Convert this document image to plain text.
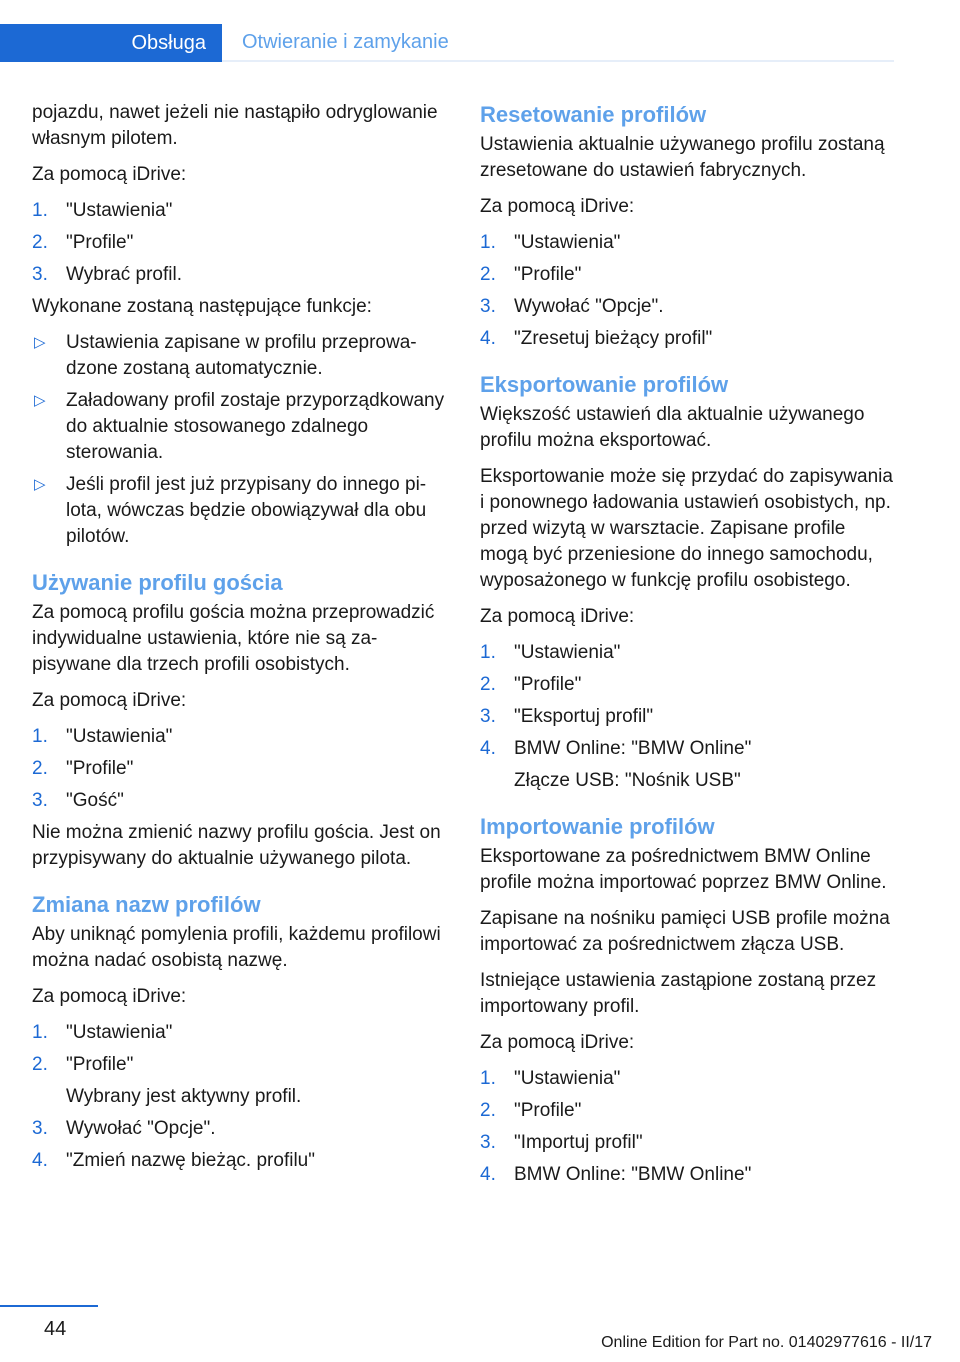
Obsługa	Otwieranie i zamykanie

pojazdu, nawet jeżeli nie nastąpiło odryglowanie własnym pilotem.

Za pomocą iDrive:

1. "Ustawienia"
2. "Profile"
3. Wybrać profil.

Wykonane zostaną następujące funkcje:

▷ Ustawienia zapisane w profilu przeprowadzone zostaną automatycznie.
▷ Załadowany profil zostaje przyporządkowany do aktualnie stosowanego zdalnego sterowania.
▷ Jeśli profil jest już przypisany do innego pilota, wówczas będzie obowiązywał dla obu pilotów.
Używanie profilu gościa

Za pomocą profilu gościa można przeprowadzić indywidualne ustawienia, które nie są zapisywane dla trzech profili osobistych.

Za pomocą iDrive:

1. "Ustawienia"
2. "Profile"
3. "Gość"

Nie można zmienić nazwy profilu gościa. Jest on przypisywany do aktualnie używanego pilota.

Zmiana nazw profilów

Aby uniknąć pomylenia profili, każdemu profilowi można nadać osobistą nazwę.

Za pomocą iDrive:

1. "Ustawienia"
2. "Profile"
Wybrany jest aktywny profil.
3. Wywołać "Opcje".
4. "Zmień nazwę bieżąc. profilu"
Resetowanie profilów

Ustawienia aktualnie używanego profilu zostaną zresetowane do ustawień fabrycznych.

Za pomocą iDrive:

1. "Ustawienia"
2. "Profile"
3. Wywołać "Opcje".
4. "Zresetuj bieżący profil"
Eksportowanie profilów

Większość ustawień dla aktualnie używanego profilu można eksportować.

Eksportowanie może się przydać do zapisywania i ponownego ładowania ustawień osobistych, np. przed wizytą w warsztacie. Zapisane profile mogą być przeniesione do innego samochodu, wyposażonego w funkcję profilu osobistego.

Za pomocą iDrive:

1. "Ustawienia"
2. "Profile"
3. "Eksportuj profil"
4. BMW Online: "BMW Online"
Złącze USB: "Nośnik USB"
Importowanie profilów

Eksportowane za pośrednictwem BMW Online profile można importować poprzez BMW Online.

Zapisane na nośniku pamięci USB profile można importować za pośrednictwem złącza USB.

Istniejące ustawienia zastąpione zostaną przez importowany profil.

Za pomocą iDrive:

1. "Ustawienia"
2. "Profile"
3. "Importuj profil"
4. BMW Online: "BMW Online"
44
Online Edition for Part no. 01402977616 - II/17
